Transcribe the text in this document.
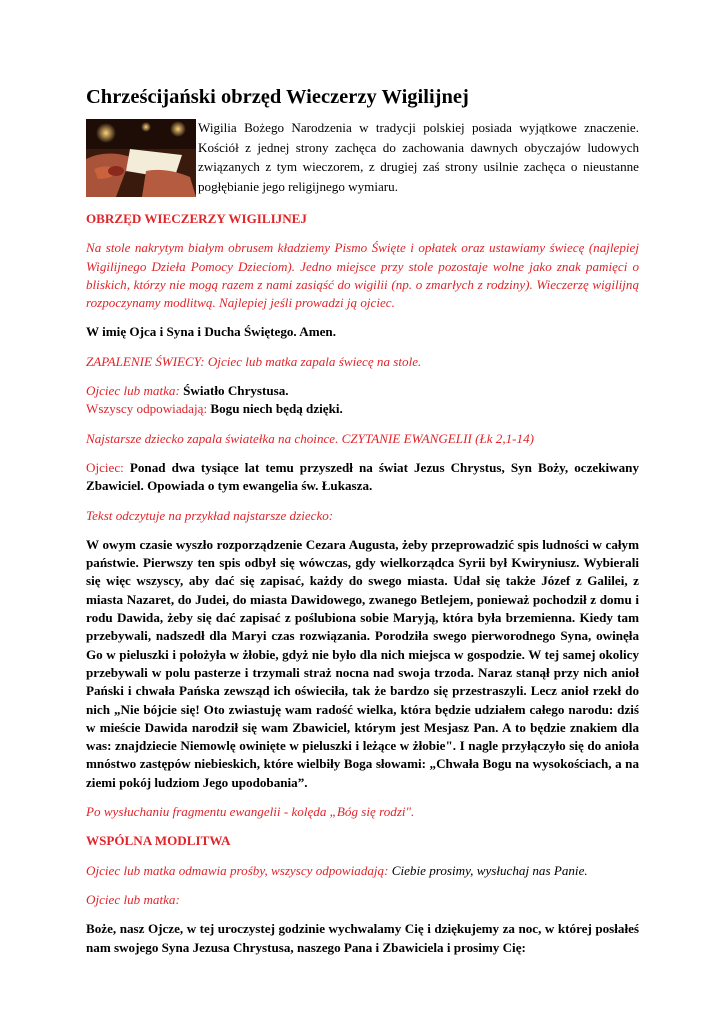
Chrześcijański obrzęd Wieczerzy Wigilijnej

Wigilia Bożego Narodzenia w tradycji polskiej posiada wyjątkowe znaczenie. Kościół z jednej strony zachęca do zachowania dawnych obyczajów ludowych związanych z tym wieczorem, z drugiej zaś strony usilnie zachęca o nieustanne pogłębianie jego religijnego wymiaru.

OBRZĘD WIECZERZY WIGILIJNEJ

Na stole nakrytym białym obrusem kładziemy Pismo Święte i opłatek oraz ustawiamy świecę (najlepiej Wigilijnego Dzieła Pomocy Dzieciom). Jedno miejsce przy stole pozostaje wolne jako znak pamięci o bliskich, którzy nie mogą razem z nami zasiąść do wigilii (np. o zmarłych z rodziny). Wieczerzę wigilijną rozpoczynamy modlitwą. Najlepiej jeśli prowadzi ją ojciec.

W imię Ojca i Syna i Ducha Świętego. Amen.

ZAPALENIE ŚWIECY: Ojciec lub matka zapala świecę na stole.

Ojciec lub matka: Światło Chrystusa.

Wszyscy odpowiadają: Bogu niech będą dzięki.

Najstarsze dziecko zapala światełka na choince. CZYTANIE EWANGELII (Łk 2,1-14)

Ojciec: Ponad dwa tysiące lat temu przyszedł na świat Jezus Chrystus, Syn Boży, oczekiwany Zbawiciel. Opowiada o tym ewangelia św. Łukasza.

Tekst odczytuje na przykład najstarsze dziecko:

W owym czasie wyszło rozporządzenie Cezara Augusta, żeby przeprowadzić spis ludności w całym państwie. Pierwszy ten spis odbył się wówczas, gdy wielkorządca Syrii był Kwiryniusz. Wybierali się więc wszyscy, aby dać się zapisać, każdy do swego miasta. Udał się także Józef z Galilei, z miasta Nazaret, do Judei, do miasta Dawidowego, zwanego Betlejem, ponieważ pochodził z domu i rodu Dawida, żeby się dać zapisać z poślubiona sobie Maryją, która była brzemienna. Kiedy tam przebywali, nadszedł dla Maryi czas rozwiązania. Porodziła swego pierworodnego Syna, owinęła Go w pieluszki i położyła w żłobie, gdyż nie było dla nich miejsca w gospodzie. W tej samej okolicy przebywali w polu pasterze i trzymali straż nocna nad swoja trzoda. Naraz stanął przy nich anioł Pański i chwała Pańska zewsząd ich oświeciła, tak że bardzo się przestraszyli. Lecz anioł rzekł do nich „Nie bójcie się! Oto zwiastuję wam radość wielka, która będzie udziałem całego narodu: dziś w mieście Dawida narodził się wam Zbawiciel, którym jest Mesjasz Pan. A to będzie znakiem dla was: znajdziecie Niemowlę owinięte w pieluszki i leżące w żłobie". I nagle przyłączyło się do anioła mnóstwo zastępów niebieskich, które wielbiły Boga słowami: „Chwała Bogu na wysokościach, a na ziemi pokój ludziom Jego upodobania”.

Po wysłuchaniu fragmentu ewangelii - kolęda „Bóg się rodzi".

WSPÓLNA MODLITWA

Ojciec lub matka odmawia prośby, wszyscy odpowiadają: Ciebie prosimy, wysłuchaj nas Panie.

Ojciec lub matka:

Boże, nasz Ojcze, w tej uroczystej godzinie wychwalamy Cię i dziękujemy za noc, w której posłałeś nam swojego Syna Jezusa Chrystusa, naszego Pana i Zbawiciela i prosimy Cię:
